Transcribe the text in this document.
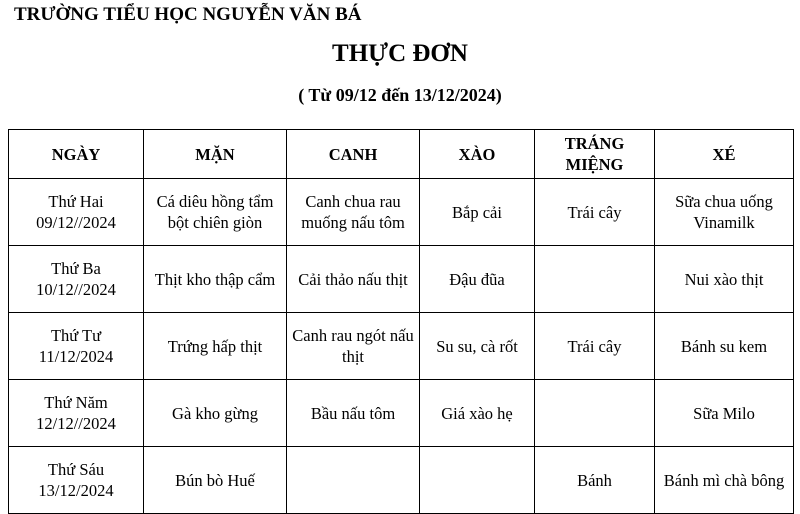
TRƯỜNG TIỂU HỌC NGUYỄN VĂN BÁ
THỰC ĐƠN
( Từ 09/12 đến 13/12/2024)
NGÀY	MẶN	CANH	XÀO	TRÁNG MIỆNG	XÉ
Thứ Hai
09/12//2024	Cá diêu hồng tẩm bột chiên giòn	Canh chua rau muống nấu tôm	Bắp cải	Trái cây	Sữa chua uống Vinamilk
Thứ Ba
10/12//2024	Thịt kho thập cẩm	Cải thảo nấu thịt	Đậu đũa		Nui xào thịt
Thứ Tư
11/12/2024	Trứng hấp thịt	Canh rau ngót nấu thịt	Su su, cà rốt	Trái cây	Bánh su kem
Thứ Năm
12/12//2024	Gà kho gừng	Bầu nấu tôm	Giá xào hẹ		Sữa Milo
Thứ Sáu
13/12/2024	Bún bò Huế			Bánh	Bánh mì chà bông
